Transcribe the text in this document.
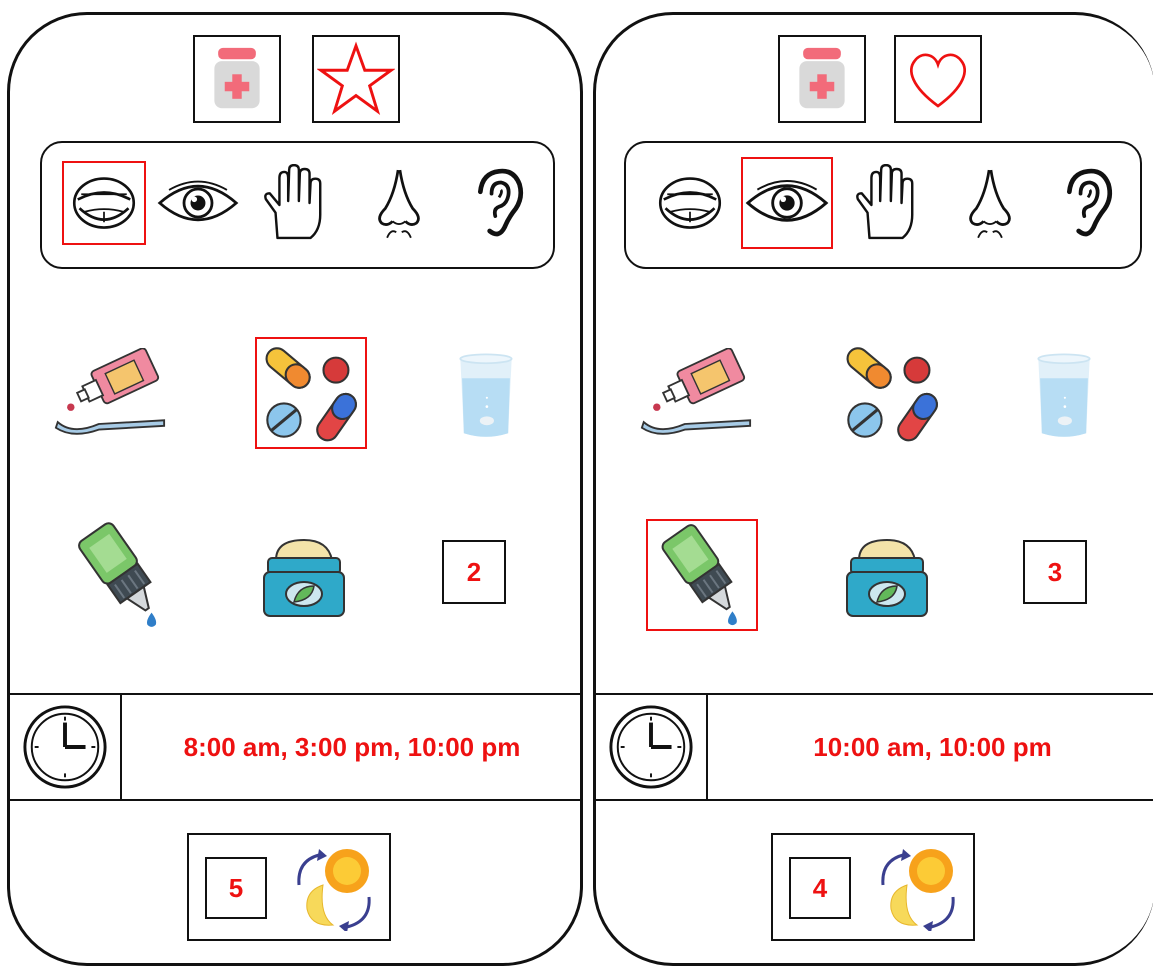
2
8:00 am, 3:00 pm, 10:00 pm
5
3
10:00 am, 10:00 pm
4
